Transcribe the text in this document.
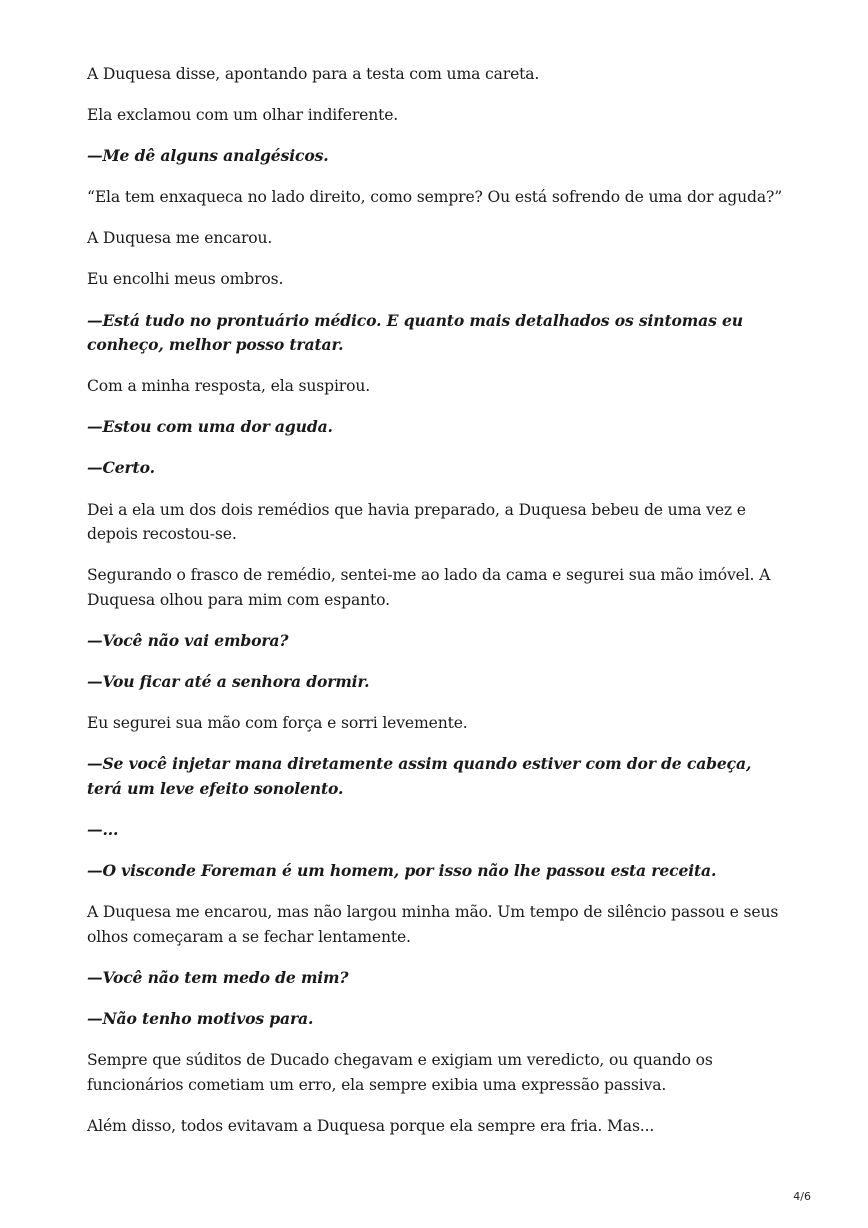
A Duquesa disse, apontando para a testa com uma careta.

Ela exclamou com um olhar indiferente.

—Me dê alguns analgésicos.

“Ela tem enxaqueca no lado direito, como sempre? Ou está sofrendo de uma dor aguda?”

A Duquesa me encarou.

Eu encolhi meus ombros.

—Está tudo no prontuário médico. E quanto mais detalhados os sintomas eu conheço, melhor posso tratar.

Com a minha resposta, ela suspirou.

—Estou com uma dor aguda.

—Certo.

Dei a ela um dos dois remédios que havia preparado, a Duquesa bebeu de uma vez e depois recostou-se.

Segurando o frasco de remédio, sentei-me ao lado da cama e segurei sua mão imóvel. A Duquesa olhou para mim com espanto.

—Você não vai embora?

—Vou ficar até a senhora dormir.

Eu segurei sua mão com força e sorri levemente.

—Se você injetar mana diretamente assim quando estiver com dor de cabeça, terá um leve efeito sonolento.

—...

—O visconde Foreman é um homem, por isso não lhe passou esta receita.

A Duquesa me encarou, mas não largou minha mão. Um tempo de silêncio passou e seus olhos começaram a se fechar lentamente.

—Você não tem medo de mim?

—Não tenho motivos para.

Sempre que súditos de Ducado chegavam e exigiam um veredicto, ou quando os funcionários cometiam um erro, ela sempre exibia uma expressão passiva.

Além disso, todos evitavam a Duquesa porque ela sempre era fria. Mas...

4/6
